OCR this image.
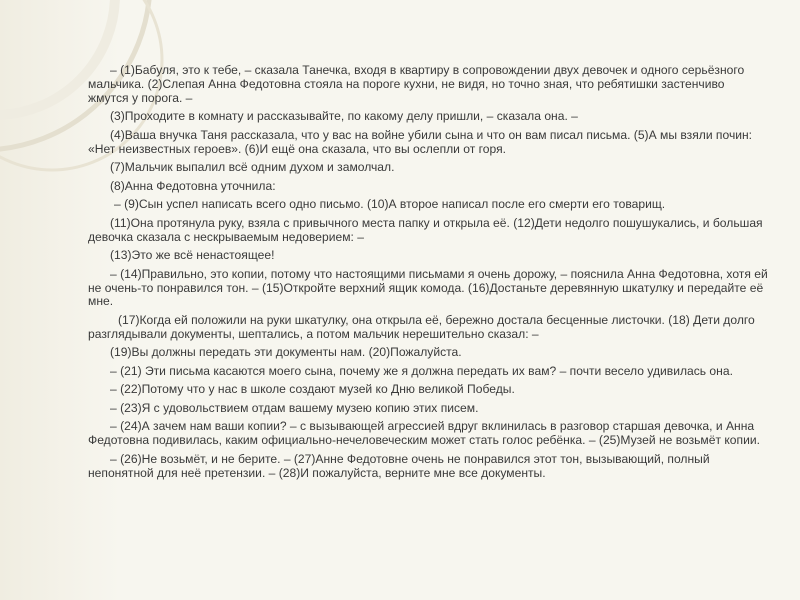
– (1)Бабуля, это к тебе, – сказала Танечка, входя в квартиру в сопровождении двух девочек и одного серьёзного мальчика. (2)Слепая Анна Федотовна стояла на пороге кухни, не видя, но точно зная, что ребятишки застенчиво жмутся у порога. –

(3)Проходите в комнату и рассказывайте, по какому делу пришли, – сказала она. –

(4)Ваша внучка Таня рассказала, что у вас на войне убили сына и что он вам писал письма. (5)А мы взяли почин: «Нет неизвестных героев». (6)И ещё она сказала, что вы ослепли от горя.

(7)Мальчик выпалил всё одним духом и замолчал.

(8)Анна Федотовна уточнила:

– (9)Сын успел написать всего одно письмо. (10)А второе написал после его смерти его товарищ.

(11)Она протянула руку, взяла с привычного места папку и открыла её. (12)Дети недолго пошушукались, и большая девочка сказала с нескрываемым недоверием: –

(13)Это же всё ненастоящее!

– (14)Правильно, это копии, потому что настоящими письмами я очень дорожу, – пояснила Анна Федотовна, хотя ей не очень-то понравился тон. – (15)Откройте верхний ящик комода. (16)Достаньте деревянную шкатулку и передайте её мне.

(17)Когда ей положили на руки шкатулку, она открыла её, бережно достала бесценные листочки. (18) Дети долго разглядывали документы, шептались, а потом мальчик нерешительно сказал: –

(19)Вы должны передать эти документы нам. (20)Пожалуйста.

– (21) Эти письма касаются моего сына, почему же я должна передать их вам? – почти весело удивилась она.

– (22)Потому что у нас в школе создают музей ко Дню великой Победы.

– (23)Я с удовольствием отдам вашему музею копию этих писем.

– (24)А зачем нам ваши копии? – с вызывающей агрессией вдруг вклинилась в разговор старшая девочка, и Анна Федотовна подивилась, каким официально-нечеловеческим может стать голос ребёнка. – (25)Музей не возьмёт копии.

– (26)Не возьмёт, и не берите. – (27)Анне Федотовне очень не понравился этот тон, вызывающий, полный непонятной для неё претензии. – (28)И пожалуйста, верните мне все документы.
